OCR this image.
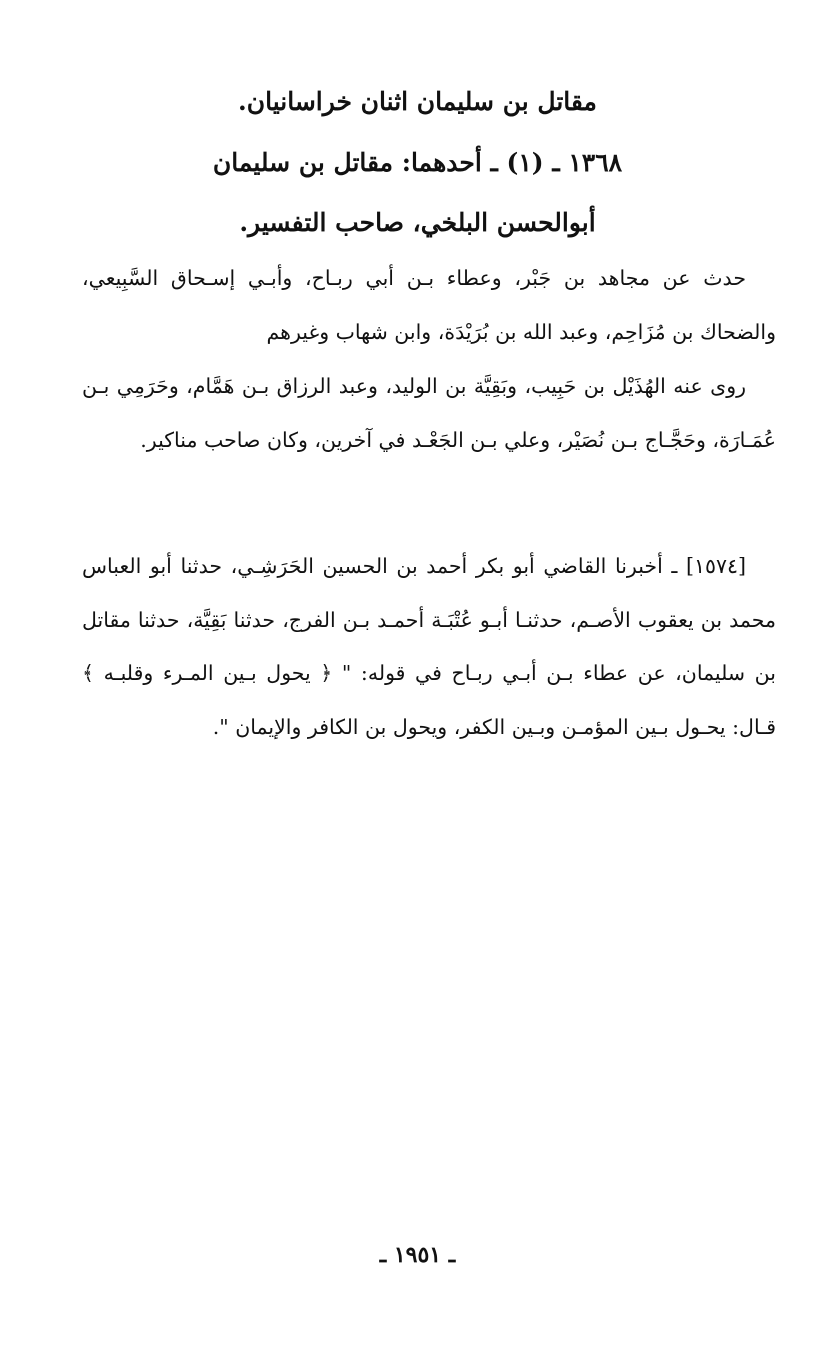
مقاتل بن سليمان اثنان خراسانيان.
١٣٦٨ ـ (١) ـ أحدهما: مقاتل بن سليمان
أبوالحسن البلخي، صاحب التفسير.
حدث عن مجاهد بن جَبْر، وعطاء بـن أبي ربـاح، وأبـي إسـحاق السَّبِيعي، والضحاك بن مُزَاحِم، وعبد الله بن بُرَيْدَة، وابن شهاب وغيرهم
روى عنه الهُذَيْل بن حَبِيب، وبَقِيَّة بن الوليد، وعبد الرزاق بـن هَمَّام، وحَرَمِي بـن عُمَـارَة، وحَجَّـاج بـن نُصَيْر، وعلي بـن الجَعْـد في آخرين، وكان صاحب مناكير.
[١٥٧٤] ـ أخبرنا القاضي أبو بكر أحمد بن الحسين الحَرَشِـي، حدثنا أبو العباس محمد بن يعقوب الأصـم، حدثنـا أبـو عُتْبَـة أحمـد بـن الفرج، حدثنا بَقِيَّة، حدثنا مقاتل بن سليمان، عن عطاء بـن أبـي ربـاح في قوله: " ﴿ يحول بـين المـرء وقلبـه ﴾ قـال: يحـول بـين المؤمـن وبـين الكفر، ويحول بن الكافر والإيمان ".
ـ ١٩٥١ ـ
